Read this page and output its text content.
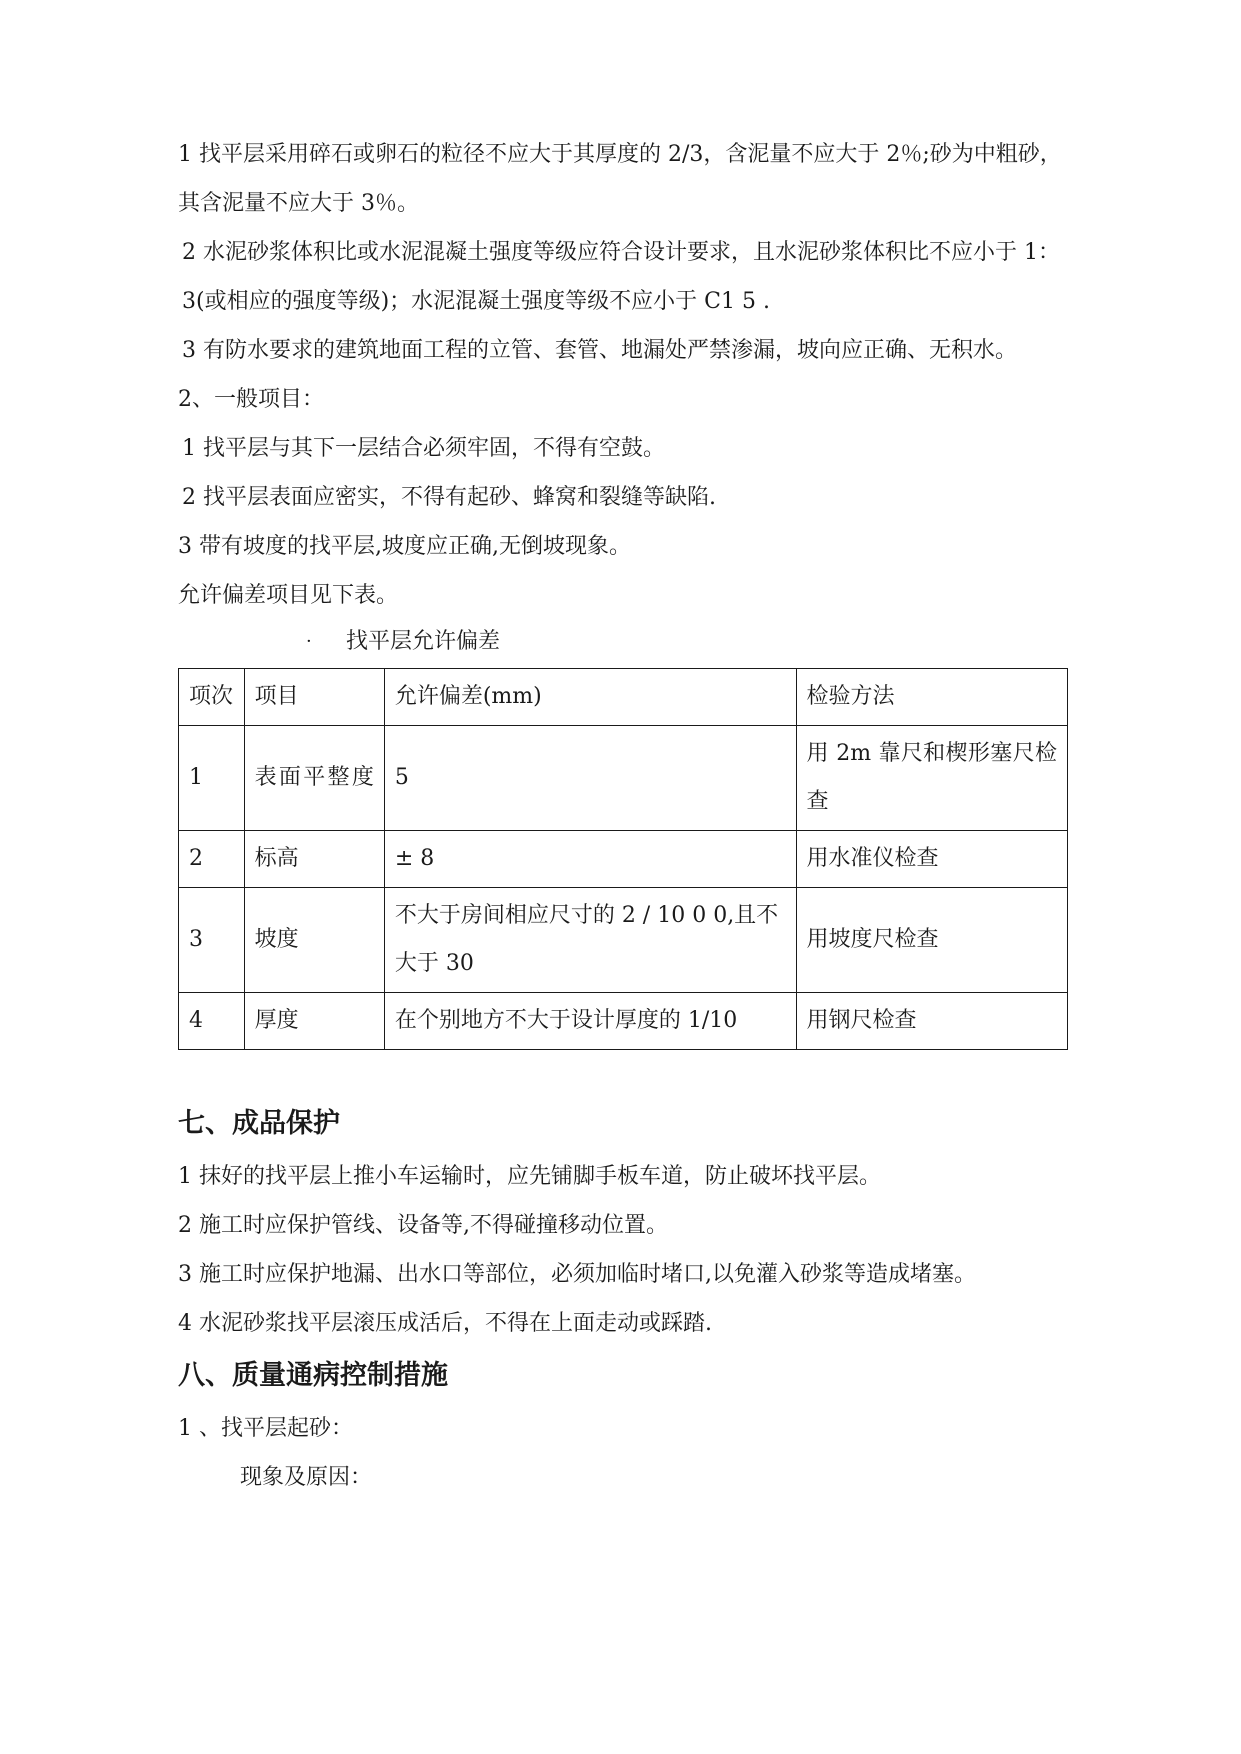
1 找平层采用碎石或卵石的粒径不应大于其厚度的 2/3，含泥量不应大于 2％;砂为中粗砂，其含泥量不应大于 3％。

2 水泥砂浆体积比或水泥混凝土强度等级应符合设计要求，且水泥砂浆体积比不应小于 1：3(或相应的强度等级)；水泥混凝土强度等级不应小于 C1 5 .

3 有防水要求的建筑地面工程的立管、套管、地漏处严禁渗漏，坡向应正确、无积水。

2、一般项目：

1 找平层与其下一层结合必须牢固，不得有空鼓。

2 找平层表面应密实，不得有起砂、蜂窝和裂缝等缺陷.

3 带有坡度的找平层,坡度应正确,无倒坡现象。

允许偏差项目见下表。

·	找平层允许偏差
项次	项目	允许偏差(mm)	检验方法
1	表面平整度	5	用 2m 靠尺和楔形塞尺检查

2	标高	± 8	用水准仪检查
3	坡度	不大于房间相应尺寸的 2 / 10 0 0,且不大于 30	用坡度尺检查
4	厚度	在个别地方不大于设计厚度的 1/10	用钢尺检查
七、成品保护

1 抹好的找平层上推小车运输时，应先铺脚手板车道，防止破坏找平层。

2 施工时应保护管线、设备等,不得碰撞移动位置。

3 施工时应保护地漏、出水口等部位，必须加临时堵口,以免灌入砂浆等造成堵塞。

4 水泥砂浆找平层滚压成活后，不得在上面走动或踩踏.

八、质量通病控制措施

1 、找平层起砂：

现象及原因：
